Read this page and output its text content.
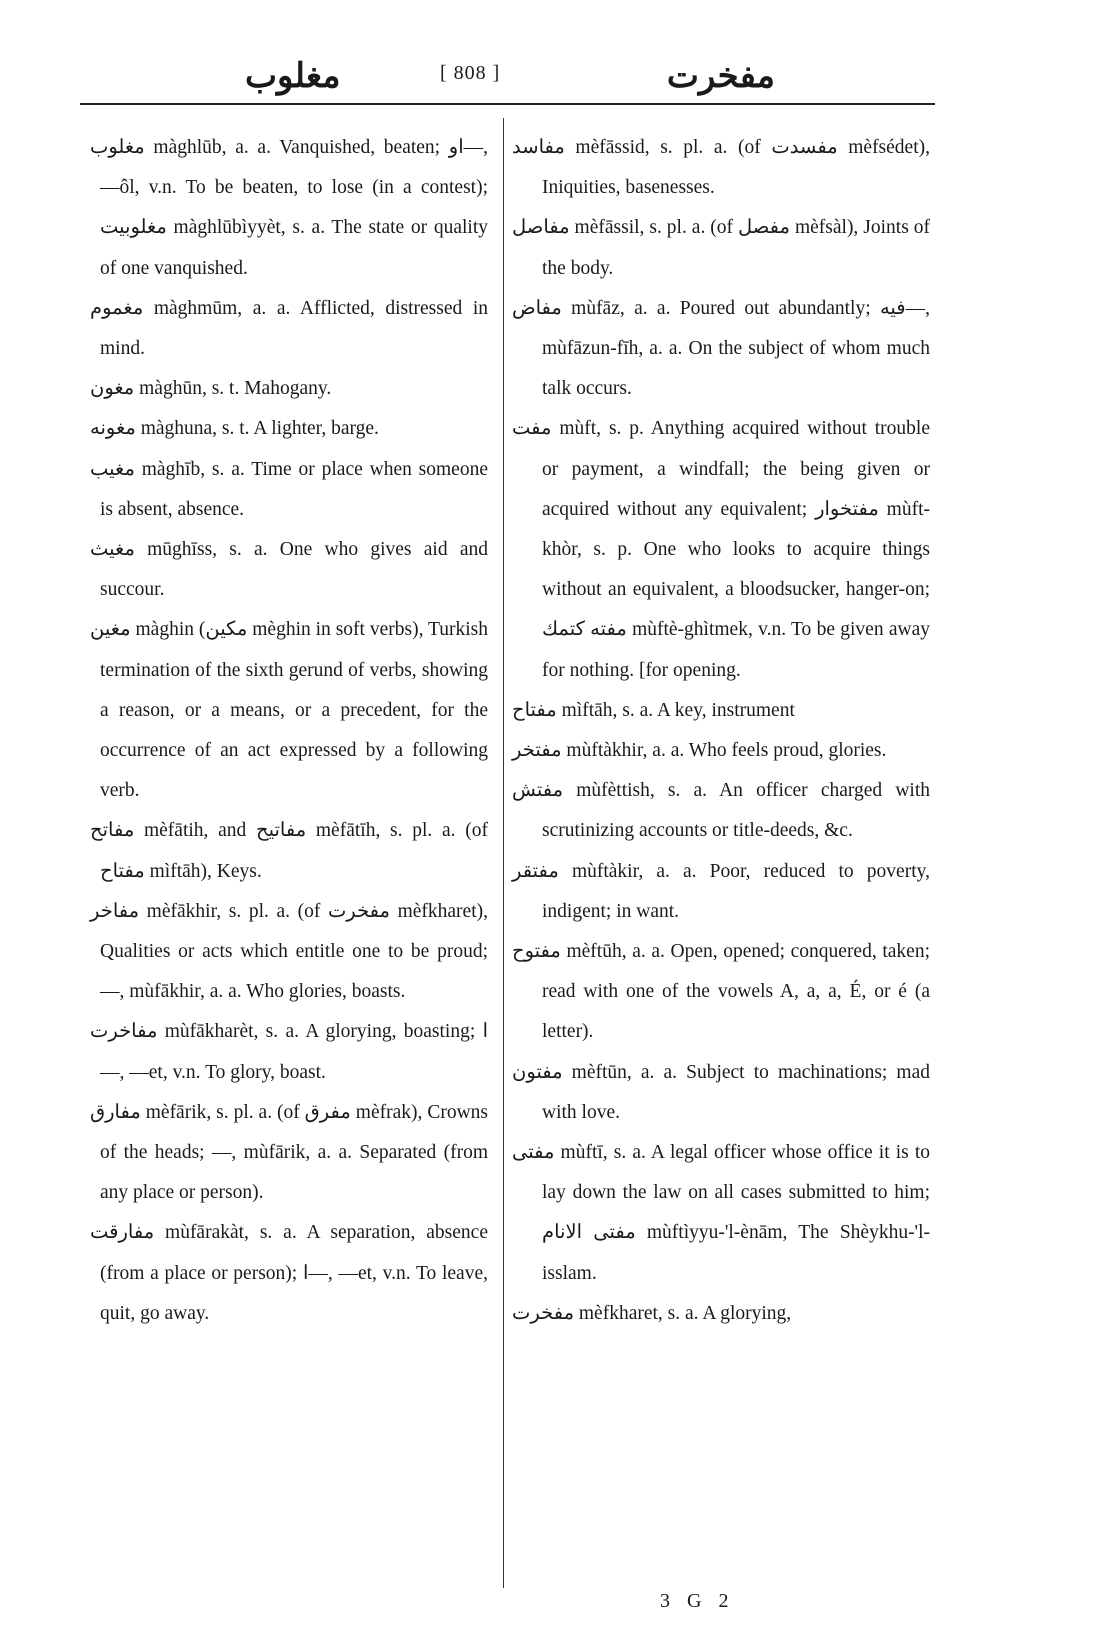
مغلوب	[ 808 ]	مفخرت

مغلوب màghlūb, a. a. Vanquished, beaten; او—, —ôl, v.n. To be beaten, to lose (in a contest); مغلوبيت màghlūbìyyèt, s. a. The state or quality of one vanquished.

مغموم màghmūm, a. a. Afflicted, distressed in mind.

مغون màghūn, s. t. Mahogany.

مغونه màghuna, s. t. A lighter, barge.

مغيب màghīb, s. a. Time or place when someone is absent, absence.

مغيث mūghīss, s. a. One who gives aid and succour.

مغين màghin (مكين mèghin in soft verbs), Turkish termination of the sixth gerund of verbs, showing a reason, or a means, or a precedent, for the occurrence of an act expressed by a following verb.

مفاتح mèfātih, and مفاتيح mèfātīh, s. pl. a. (of مفتاح mìftāh), Keys.

مفاخر mèfākhir, s. pl. a. (of مفخرت mèfkharet), Qualities or acts which entitle one to be proud; —, mùfākhir, a. a. Who glories, boasts.

مفاخرت mùfākharèt, s. a. A glorying, boasting; ا—, —et, v.n. To glory, boast.

مفارق mèfārik, s. pl. a. (of مفرق mèfrak), Crowns of the heads; —, mùfārik, a. a. Separated (from any place or person).

مفارقت mùfārakàt, s. a. A separation, absence (from a place or person); ا—, —et, v.n. To leave, quit, go away.

مفاسد mèfāssid, s. pl. a. (of مفسدت mèfsédet), Iniquities, basenesses.

مفاصل mèfāssil, s. pl. a. (of مفصل mèfsàl), Joints of the body.

مفاض mùfāz, a. a. Poured out abundantly; فيه—, mùfāzun-fīh, a. a. On the subject of whom much talk occurs.

مفت mùft, s. p. Anything acquired without trouble or payment, a windfall; the being given or acquired without any equivalent; مفتخوار mùft-khòr, s. p. One who looks to acquire things without an equivalent, a bloodsucker, hanger-on; مفته كتمك mùftè-ghìtmek, v.n. To be given away for nothing. [for opening.

مفتاح mìftāh, s. a. A key, instrument

مفتخر mùftàkhir, a. a. Who feels proud, glories.

مفتش mùfèttish, s. a. An officer charged with scrutinizing accounts or title-deeds, &c.

مفتقر mùftàkir, a. a. Poor, reduced to poverty, indigent; in want.

مفتوح mèftūh, a. a. Open, opened; conquered, taken; read with one of the vowels A, a, a, É, or é (a letter).

مفتون mèftūn, a. a. Subject to machinations; mad with love.

مفتى mùftī, s. a. A legal officer whose office it is to lay down the law on all cases submitted to him; مفتى الانام mùftìyyu-'l-ènām, The Shèykhu-'l-isslam.

مفخرت mèfkharet, s. a. A glorying,

3 G 2
